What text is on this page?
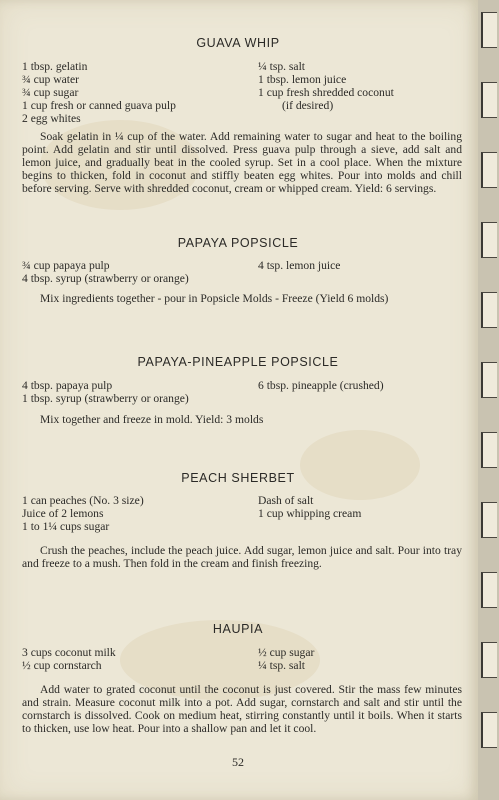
GUAVA WHIP
1 tbsp. gelatin
¾ cup water
¾ cup sugar
1 cup fresh or canned guava pulp
2 egg whites
¼ tsp. salt
1 tbsp. lemon juice
1 cup fresh shredded coconut
(if desired)

Soak gelatin in ¼ cup of the water. Add remaining water to sugar and heat to the boiling point. Add gelatin and stir until dissolved. Press guava pulp through a sieve, add salt and lemon juice, and gradually beat in the cooled syrup. Set in a cool place. When the mixture begins to thicken, fold in coconut and stiffly beaten egg whites. Pour into molds and chill before serving. Serve with shredded coconut, cream or whipped cream. Yield: 6 servings.

PAPAYA POPSICLE
¾ cup papaya pulp
4 tbsp. syrup (strawberry or orange)
4 tsp. lemon juice

Mix ingredients together - pour in Popsicle Molds - Freeze (Yield 6 molds)

PAPAYA-PINEAPPLE POPSICLE
4 tbsp. papaya pulp
1 tbsp. syrup (strawberry or orange)
6 tbsp. pineapple (crushed)

Mix together and freeze in mold. Yield: 3 molds

PEACH SHERBET
1 can peaches (No. 3 size)
Juice of 2 lemons
1 to 1¼ cups sugar
Dash of salt
1 cup whipping cream

Crush the peaches, include the peach juice. Add sugar, lemon juice and salt. Pour into tray and freeze to a mush. Then fold in the cream and finish freezing.

HAUPIA
3 cups coconut milk
½ cup cornstarch
½ cup sugar
¼ tsp. salt

Add water to grated coconut until the coconut is just covered. Stir the mass few minutes and strain. Measure coconut milk into a pot. Add sugar, cornstarch and salt and stir until the cornstarch is dissolved. Cook on medium heat, stirring constantly until it boils. When it starts to thicken, use low heat. Pour into a shallow pan and let it cool.

52
